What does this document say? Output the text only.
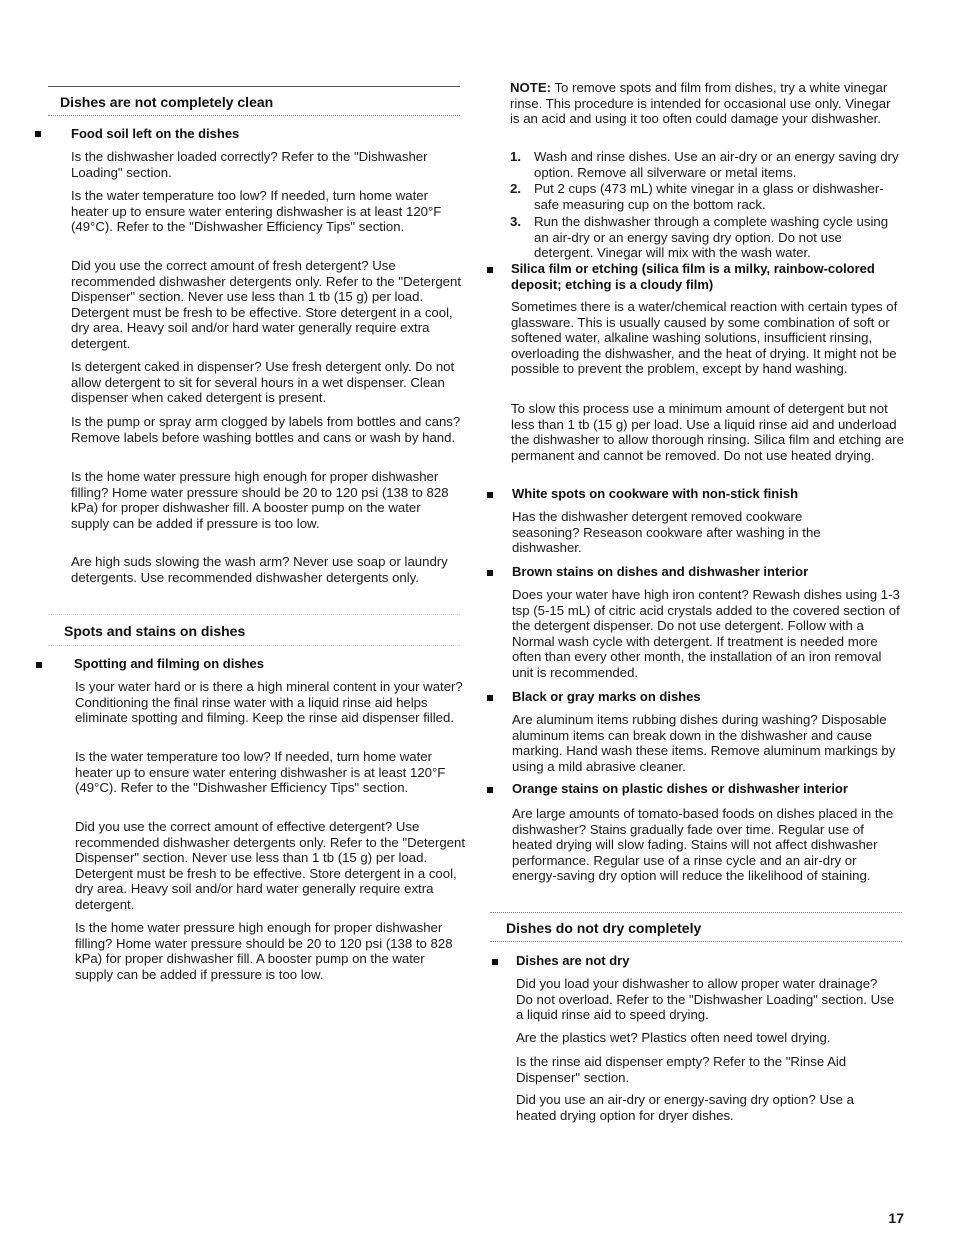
Dishes are not completely clean
Food soil left on the dishes
Is the dishwasher loaded correctly? Refer to the "Dishwasher Loading" section.
Is the water temperature too low? If needed, turn home water heater up to ensure water entering dishwasher is at least 120°F (49°C). Refer to the "Dishwasher Efficiency Tips" section.
Did you use the correct amount of fresh detergent? Use recommended dishwasher detergents only. Refer to the "Detergent Dispenser" section. Never use less than 1 tb (15 g) per load. Detergent must be fresh to be effective. Store detergent in a cool, dry area. Heavy soil and/or hard water generally require extra detergent.
Is detergent caked in dispenser? Use fresh detergent only. Do not allow detergent to sit for several hours in a wet dispenser. Clean dispenser when caked detergent is present.
Is the pump or spray arm clogged by labels from bottles and cans? Remove labels before washing bottles and cans or wash by hand.
Is the home water pressure high enough for proper dishwasher filling? Home water pressure should be 20 to 120 psi (138 to 828 kPa) for proper dishwasher fill. A booster pump on the water supply can be added if pressure is too low.
Are high suds slowing the wash arm? Never use soap or laundry detergents. Use recommended dishwasher detergents only.
Spots and stains on dishes
Spotting and filming on dishes
Is your water hard or is there a high mineral content in your water? Conditioning the final rinse water with a liquid rinse aid helps eliminate spotting and filming. Keep the rinse aid dispenser filled.
Is the water temperature too low? If needed, turn home water heater up to ensure water entering dishwasher is at least 120°F (49°C). Refer to the "Dishwasher Efficiency Tips" section.
Did you use the correct amount of effective detergent? Use recommended dishwasher detergents only. Refer to the "Detergent Dispenser" section. Never use less than 1 tb (15 g) per load. Detergent must be fresh to be effective. Store detergent in a cool, dry area. Heavy soil and/or hard water generally require extra detergent.
Is the home water pressure high enough for proper dishwasher filling? Home water pressure should be 20 to 120 psi (138 to 828 kPa) for proper dishwasher fill. A booster pump on the water supply can be added if pressure is too low.
NOTE: To remove spots and film from dishes, try a white vinegar rinse. This procedure is intended for occasional use only. Vinegar is an acid and using it too often could damage your dishwasher.
1. Wash and rinse dishes. Use an air-dry or an energy saving dry option. Remove all silverware or metal items.
2. Put 2 cups (473 mL) white vinegar in a glass or dishwasher-safe measuring cup on the bottom rack.
3. Run the dishwasher through a complete washing cycle using an air-dry or an energy saving dry option. Do not use detergent. Vinegar will mix with the wash water.
Silica film or etching (silica film is a milky, rainbow-colored deposit; etching is a cloudy film)
Sometimes there is a water/chemical reaction with certain types of glassware. This is usually caused by some combination of soft or softened water, alkaline washing solutions, insufficient rinsing, overloading the dishwasher, and the heat of drying. It might not be possible to prevent the problem, except by hand washing.
To slow this process use a minimum amount of detergent but not less than 1 tb (15 g) per load. Use a liquid rinse aid and underload the dishwasher to allow thorough rinsing. Silica film and etching are permanent and cannot be removed. Do not use heated drying.
White spots on cookware with non-stick finish
Has the dishwasher detergent removed cookware seasoning? Reseason cookware after washing in the dishwasher.
Brown stains on dishes and dishwasher interior
Does your water have high iron content? Rewash dishes using 1-3 tsp (5-15 mL) of citric acid crystals added to the covered section of the detergent dispenser. Do not use detergent. Follow with a Normal wash cycle with detergent. If treatment is needed more often than every other month, the installation of an iron removal unit is recommended.
Black or gray marks on dishes
Are aluminum items rubbing dishes during washing? Disposable aluminum items can break down in the dishwasher and cause marking. Hand wash these items. Remove aluminum markings by using a mild abrasive cleaner.
Orange stains on plastic dishes or dishwasher interior
Are large amounts of tomato-based foods on dishes placed in the dishwasher? Stains gradually fade over time. Regular use of heated drying will slow fading. Stains will not affect dishwasher performance. Regular use of a rinse cycle and an air-dry or energy-saving dry option will reduce the likelihood of staining.
Dishes do not dry completely
Dishes are not dry
Did you load your dishwasher to allow proper water drainage? Do not overload. Refer to the "Dishwasher Loading" section. Use a liquid rinse aid to speed drying.
Are the plastics wet? Plastics often need towel drying.
Is the rinse aid dispenser empty? Refer to the "Rinse Aid Dispenser" section.
Did you use an air-dry or energy-saving dry option? Use a heated drying option for dryer dishes.
17
